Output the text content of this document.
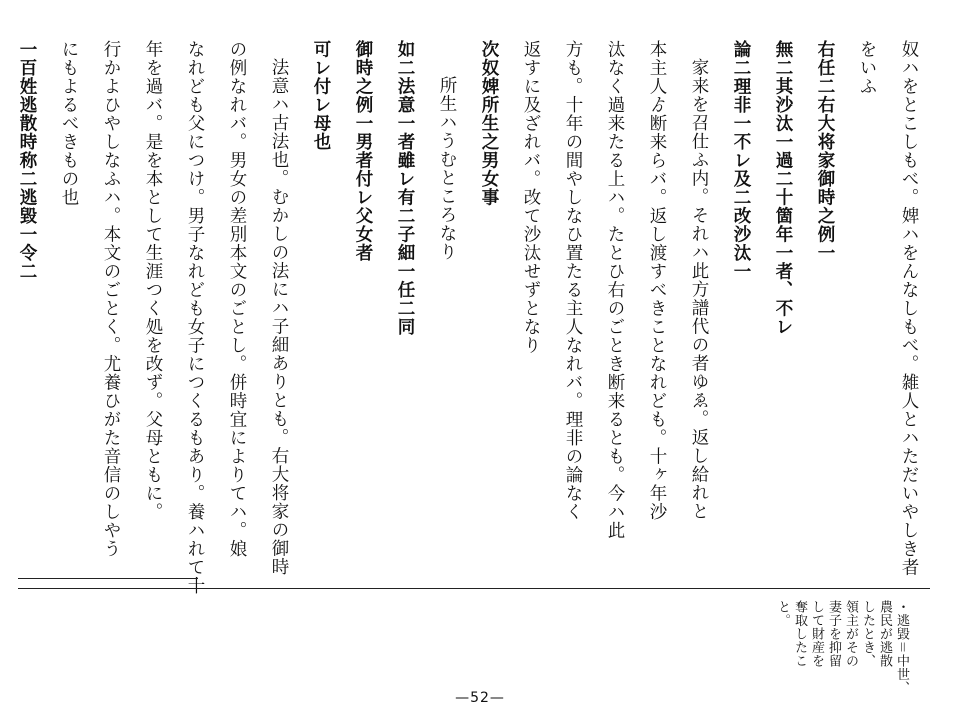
奴ハをとこしもべ。婢ハをんなしもべ。雑人とハただいやしき者
をいふ
右任二右大将家御時之例一
無二其沙汰一過二十箇年一者、不レ
論二理非一不レ及二改沙汰一
家来を召仕ふ内。それハ此方譜代の者ゆゑ。返し給れと
本主人ゟ断来らバ。返し渡すべきことなれども。十ヶ年沙
汰なく過来たる上ハ。たとひ右のごとき断来るとも。今ハ此
方も。十年の間やしなひ置たる主人なれバ。理非の論なく
返すに及ざれバ。改て沙汰せずとなり
次奴婢所生之男女事
所生ハうむところなり
如二法意一者雖レ有二子細一任二同
御時之例一男者付レ父女者
可レ付レ母也
法意ハ古法也。むかしの法にハ子細ありとも。右大将家の御時
の例なれバ。男女の差別本文のごとし。併時宜によりてハ。娘
なれども父につけ。男子なれども女子につくるもあり。養ハれて十
年を過バ。是を本として生涯つく処を改ず。父母ともに。
行かよひやしなふハ。本文のごとく。尤養ひがた音信のしやう
にもよるべきもの也
一百姓逃散時称二逃毀一令二
・逃毀＝中世、
農民が逃散
したとき、
領主がその
妻子を抑留
して財産を
奪取したこ
と。
—52—
